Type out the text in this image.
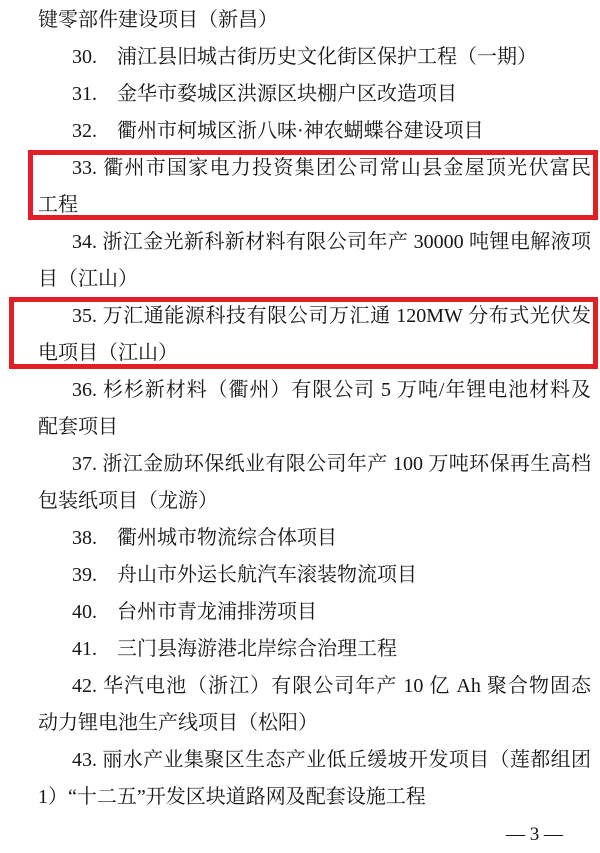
键零部件建设项目（新昌）
30.　浦江县旧城古街历史文化街区保护工程（一期）
31.　金华市婺城区洪源区块棚户区改造项目
32.　衢州市柯城区浙八味·神农蝴蝶谷建设项目
33. 衢州市国家电力投资集团公司常山县金屋顶光伏富民
工程
34. 浙江金光新科新材料有限公司年产 30000 吨锂电解液项
目（江山）
35. 万汇通能源科技有限公司万汇通 120MW 分布式光伏发
电项目（江山）
36. 杉杉新材料（衢州）有限公司 5 万吨/年锂电池材料及
配套项目
37. 浙江金励环保纸业有限公司年产 100 万吨环保再生高档
包装纸项目（龙游）
38.　衢州城市物流综合体项目
39.　舟山市外运长航汽车滚装物流项目
40.　台州市青龙浦排涝项目
41.　三门县海游港北岸综合治理工程
42. 华汽电池（浙江）有限公司年产 10 亿 Ah 聚合物固态
动力锂电池生产线项目（松阳）
43. 丽水产业集聚区生态产业低丘缓坡开发项目（莲都组团
1）“十二五”开发区块道路网及配套设施工程
— 3 —
